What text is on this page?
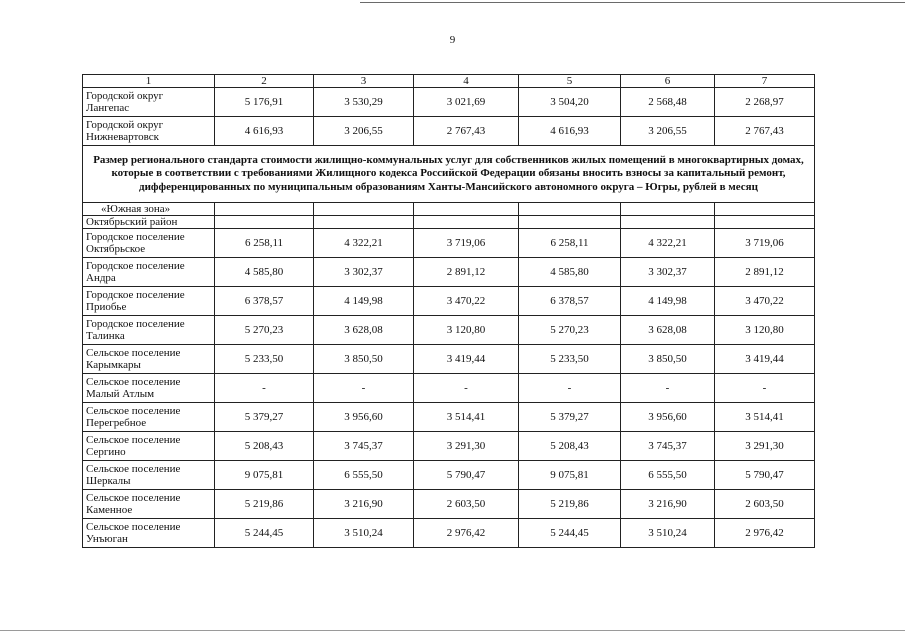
9
1	2	3	4	5	6	7
Городской округ
Лангепас	5 176,91	3 530,29	3 021,69	3 504,20	2 568,48	2 268,97
Городской округ
Нижневартовск	4 616,93	3 206,55	2 767,43	4 616,93	3 206,55	2 767,43
Размер регионального стандарта стоимости жилищно-коммунальных услуг для собственников жилых помещений в многоквартирных домах, которые в соответствии с требованиями Жилищного кодекса Российской Федерации обязаны вносить взносы за капитальный ремонт, дифференцированных по муниципальным образованиям Ханты-Мансийского автономного округа – Югры, рублей в месяц						
«Южная зона»						
Октябрьский район						
Городское поселение
Октябрьское	6 258,11	4 322,21	3 719,06	6 258,11	4 322,21	3 719,06
Городское поселение
Андра	4 585,80	3 302,37	2 891,12	4 585,80	3 302,37	2 891,12
Городское поселение
Приобье	6 378,57	4 149,98	3 470,22	6 378,57	4 149,98	3 470,22
Городское поселение
Талинка	5 270,23	3 628,08	3 120,80	5 270,23	3 628,08	3 120,80
Сельское поселение
Карымкары	5 233,50	3 850,50	3 419,44	5 233,50	3 850,50	3 419,44
Сельское поселение
Малый Атлым	-	-	-	-	-	-
Сельское поселение
Перегребное	5 379,27	3 956,60	3 514,41	5 379,27	3 956,60	3 514,41
Сельское поселение
Сергино	5 208,43	3 745,37	3 291,30	5 208,43	3 745,37	3 291,30
Сельское поселение
Шеркалы	9 075,81	6 555,50	5 790,47	9 075,81	6 555,50	5 790,47
Сельское поселение
Каменное	5 219,86	3 216,90	2 603,50	5 219,86	3 216,90	2 603,50
Сельское поселение
Унъюган	5 244,45	3 510,24	2 976,42	5 244,45	3 510,24	2 976,42
